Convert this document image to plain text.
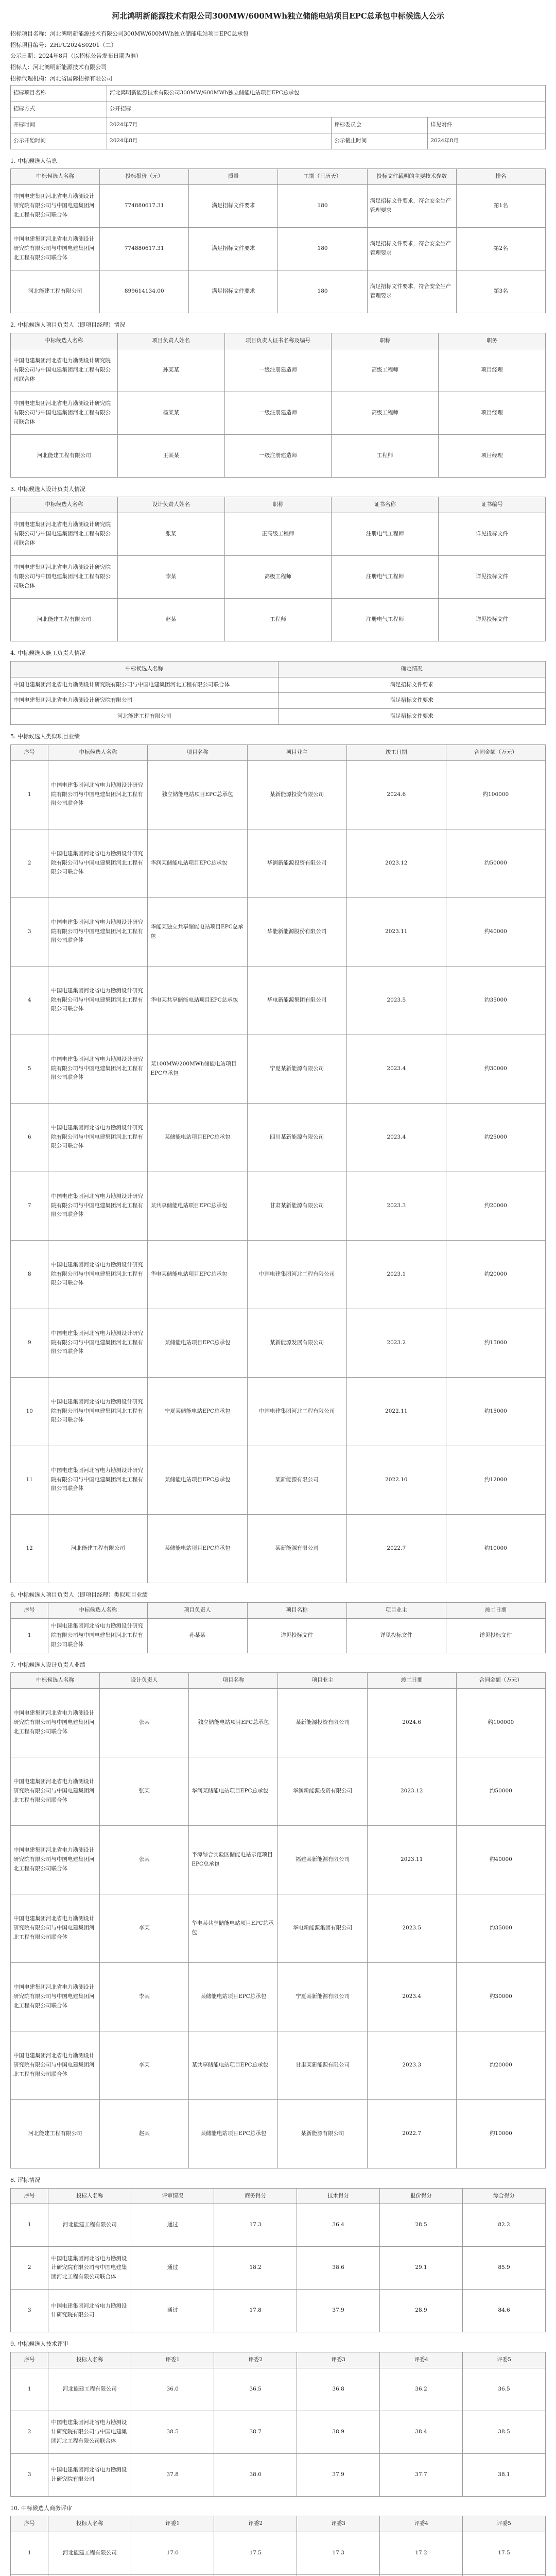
河北鸿明新能源技术有限公司300MW/600MWh独立储能电站项目EPC总承包中标候选人公示

招标项目名称：河北鸿明新能源技术有限公司300MW/600MWh独立储能电站项目EPC总承包

招标项目编号：ZHPC2024S0201（二）

公示日期：2024年8月（以招标公告发布日期为准）

招标人：河北鸿明新能源技术有限公司

招标代理机构：河北省国际招标有限公司

招标项目名称	河北鸿明新能源技术有限公司300MW/600MWh独立储能电站项目EPC总承包		
招标方式	公开招标		
开标时间	2024年7月	评标委员会	详见附件
公示开始时间	2024年8月	公示截止时间	2024年8月
1. 中标候选人信息
中标候选人名称	投标报价（元）	质量	工期（日历天）	投标文件载明的主要技术参数	排名
中国电建集团河北省电力勘测设计研究院有限公司与中国电建集团河北工程有限公司联合体	774880617.31	满足招标文件要求	180	满足招标文件要求，符合安全生产管理要求	第1名
中国电建集团河北省电力勘测设计研究院有限公司与中国电建集团河北工程有限公司联合体	774880617.31	满足招标文件要求	180	满足招标文件要求，符合安全生产管理要求	第2名
河北能建工程有限公司	899614134.00	满足招标文件要求	180	满足招标文件要求，符合安全生产管理要求	第3名
2. 中标候选人项目负责人（即项目经理）情况
中标候选人名称	项目负责人姓名	项目负责人证书名称及编号	职称	职务
中国电建集团河北省电力勘测设计研究院有限公司与中国电建集团河北工程有限公司联合体	孙某某	一级注册建造师	高级工程师	项目经理
中国电建集团河北省电力勘测设计研究院有限公司与中国电建集团河北工程有限公司联合体	杨某某	一级注册建造师	高级工程师	项目经理
河北能建工程有限公司	王某某	一级注册建造师	工程师	项目经理
3. 中标候选人设计负责人情况
中标候选人名称	设计负责人姓名	职称	证书名称	证书编号
中国电建集团河北省电力勘测设计研究院有限公司与中国电建集团河北工程有限公司联合体	张某	正高级工程师	注册电气工程师	详见投标文件
中国电建集团河北省电力勘测设计研究院有限公司与中国电建集团河北工程有限公司联合体	李某	高级工程师	注册电气工程师	详见投标文件
河北能建工程有限公司	赵某	工程师	注册电气工程师	详见投标文件
4. 中标候选人施工负责人情况
中标候选人名称	确定情况
中国电建集团河北省电力勘测设计研究院有限公司与中国电建集团河北工程有限公司联合体	满足招标文件要求
中国电建集团河北省电力勘测设计研究院有限公司	满足招标文件要求
河北能建工程有限公司	满足招标文件要求
5. 中标候选人类似项目业绩
序号	中标候选人名称	项目名称	项目业主	竣工日期	合同金额（万元）
1	中国电建集团河北省电力勘测设计研究院有限公司与中国电建集团河北工程有限公司联合体	独立储能电站项目EPC总承包	某新能源投资有限公司	2024.6	约100000
2	中国电建集团河北省电力勘测设计研究院有限公司与中国电建集团河北工程有限公司联合体	华润某储能电站项目EPC总承包	华润新能源投资有限公司	2023.12	约50000
3	中国电建集团河北省电力勘测设计研究院有限公司与中国电建集团河北工程有限公司联合体	华能某独立共享储能电站项目EPC总承包	华能新能源股份有限公司	2023.11	约40000
4	中国电建集团河北省电力勘测设计研究院有限公司与中国电建集团河北工程有限公司联合体	华电某共享储能电站项目EPC总承包	华电新能源集团有限公司	2023.5	约35000
5	中国电建集团河北省电力勘测设计研究院有限公司与中国电建集团河北工程有限公司联合体	某100MW/200MWh储能电站项目EPC总承包	宁夏某新能源有限公司	2023.4	约30000
6	中国电建集团河北省电力勘测设计研究院有限公司与中国电建集团河北工程有限公司联合体	某储能电站项目EPC总承包	四川某新能源有限公司	2023.4	约25000
7	中国电建集团河北省电力勘测设计研究院有限公司与中国电建集团河北工程有限公司联合体	某共享储能电站项目EPC总承包	甘肃某新能源有限公司	2023.3	约20000
8	中国电建集团河北省电力勘测设计研究院有限公司与中国电建集团河北工程有限公司联合体	华电某储能电站项目EPC总承包	中国电建集团河北工程有限公司	2023.1	约20000
9	中国电建集团河北省电力勘测设计研究院有限公司与中国电建集团河北工程有限公司联合体	某储能电站项目EPC总承包	某新能源发展有限公司	2023.2	约15000
10	中国电建集团河北省电力勘测设计研究院有限公司与中国电建集团河北工程有限公司联合体	宁夏某储能电站EPC总承包	中国电建集团河北工程有限公司	2022.11	约15000
11	中国电建集团河北省电力勘测设计研究院有限公司与中国电建集团河北工程有限公司联合体	某储能电站项目EPC总承包	某新能源有限公司	2022.10	约12000
12	河北能建工程有限公司	某储能电站项目EPC总承包	某新能源有限公司	2022.7	约10000
6. 中标候选人项目负责人（即项目经理）类似项目业绩
序号	中标候选人名称	项目负责人	项目名称	项目业主	竣工日期
1	中国电建集团河北省电力勘测设计研究院有限公司与中国电建集团河北工程有限公司联合体	孙某某	详见投标文件	详见投标文件	详见投标文件
7. 中标候选人设计负责人业绩
中标候选人名称	设计负责人	项目名称	项目业主	竣工日期	合同金额（万元）
中国电建集团河北省电力勘测设计研究院有限公司与中国电建集团河北工程有限公司联合体	张某	独立储能电站项目EPC总承包	某新能源投资有限公司	2024.6	约100000
中国电建集团河北省电力勘测设计研究院有限公司与中国电建集团河北工程有限公司联合体	张某	华润某储能电站项目EPC总承包	华润新能源投资有限公司	2023.12	约50000
中国电建集团河北省电力勘测设计研究院有限公司与中国电建集团河北工程有限公司联合体	张某	平潭综合实验区储能电站示范项目EPC总承包	福建某新能源有限公司	2023.11	约40000
中国电建集团河北省电力勘测设计研究院有限公司与中国电建集团河北工程有限公司联合体	李某	华电某共享储能电站项目EPC总承包	华电新能源集团有限公司	2023.5	约35000
中国电建集团河北省电力勘测设计研究院有限公司与中国电建集团河北工程有限公司联合体	李某	某储能电站项目EPC总承包	宁夏某新能源有限公司	2023.4	约30000
中国电建集团河北省电力勘测设计研究院有限公司与中国电建集团河北工程有限公司联合体	李某	某共享储能电站项目EPC总承包	甘肃某新能源有限公司	2023.3	约20000
河北能建工程有限公司	赵某	某储能电站项目EPC总承包	某新能源有限公司	2022.7	约10000
8. 评标情况
序号	投标人名称	评审情况	商务得分	技术得分	报价得分	综合得分
1	河北能建工程有限公司	通过	17.3	36.4	28.5	82.2
2	中国电建集团河北省电力勘测设计研究院有限公司与中国电建集团河北工程有限公司联合体	通过	18.2	38.6	29.1	85.9
3	中国电建集团河北省电力勘测设计研究院有限公司	通过	17.8	37.9	28.9	84.6
9. 中标候选人技术评审
序号	投标人名称	评委1	评委2	评委3	评委4	评委5
1	河北能建工程有限公司	36.0	36.5	36.8	36.2	36.5
2	中国电建集团河北省电力勘测设计研究院有限公司与中国电建集团河北工程有限公司联合体	38.5	38.7	38.9	38.4	38.5
3	中国电建集团河北省电力勘测设计研究院有限公司	37.8	38.0	37.9	37.7	38.1
10. 中标候选人商务评审
序号	投标人名称	评委1	评委2	评委3	评委4	评委5
1	河北能建工程有限公司	17.0	17.5	17.3	17.2	17.5
